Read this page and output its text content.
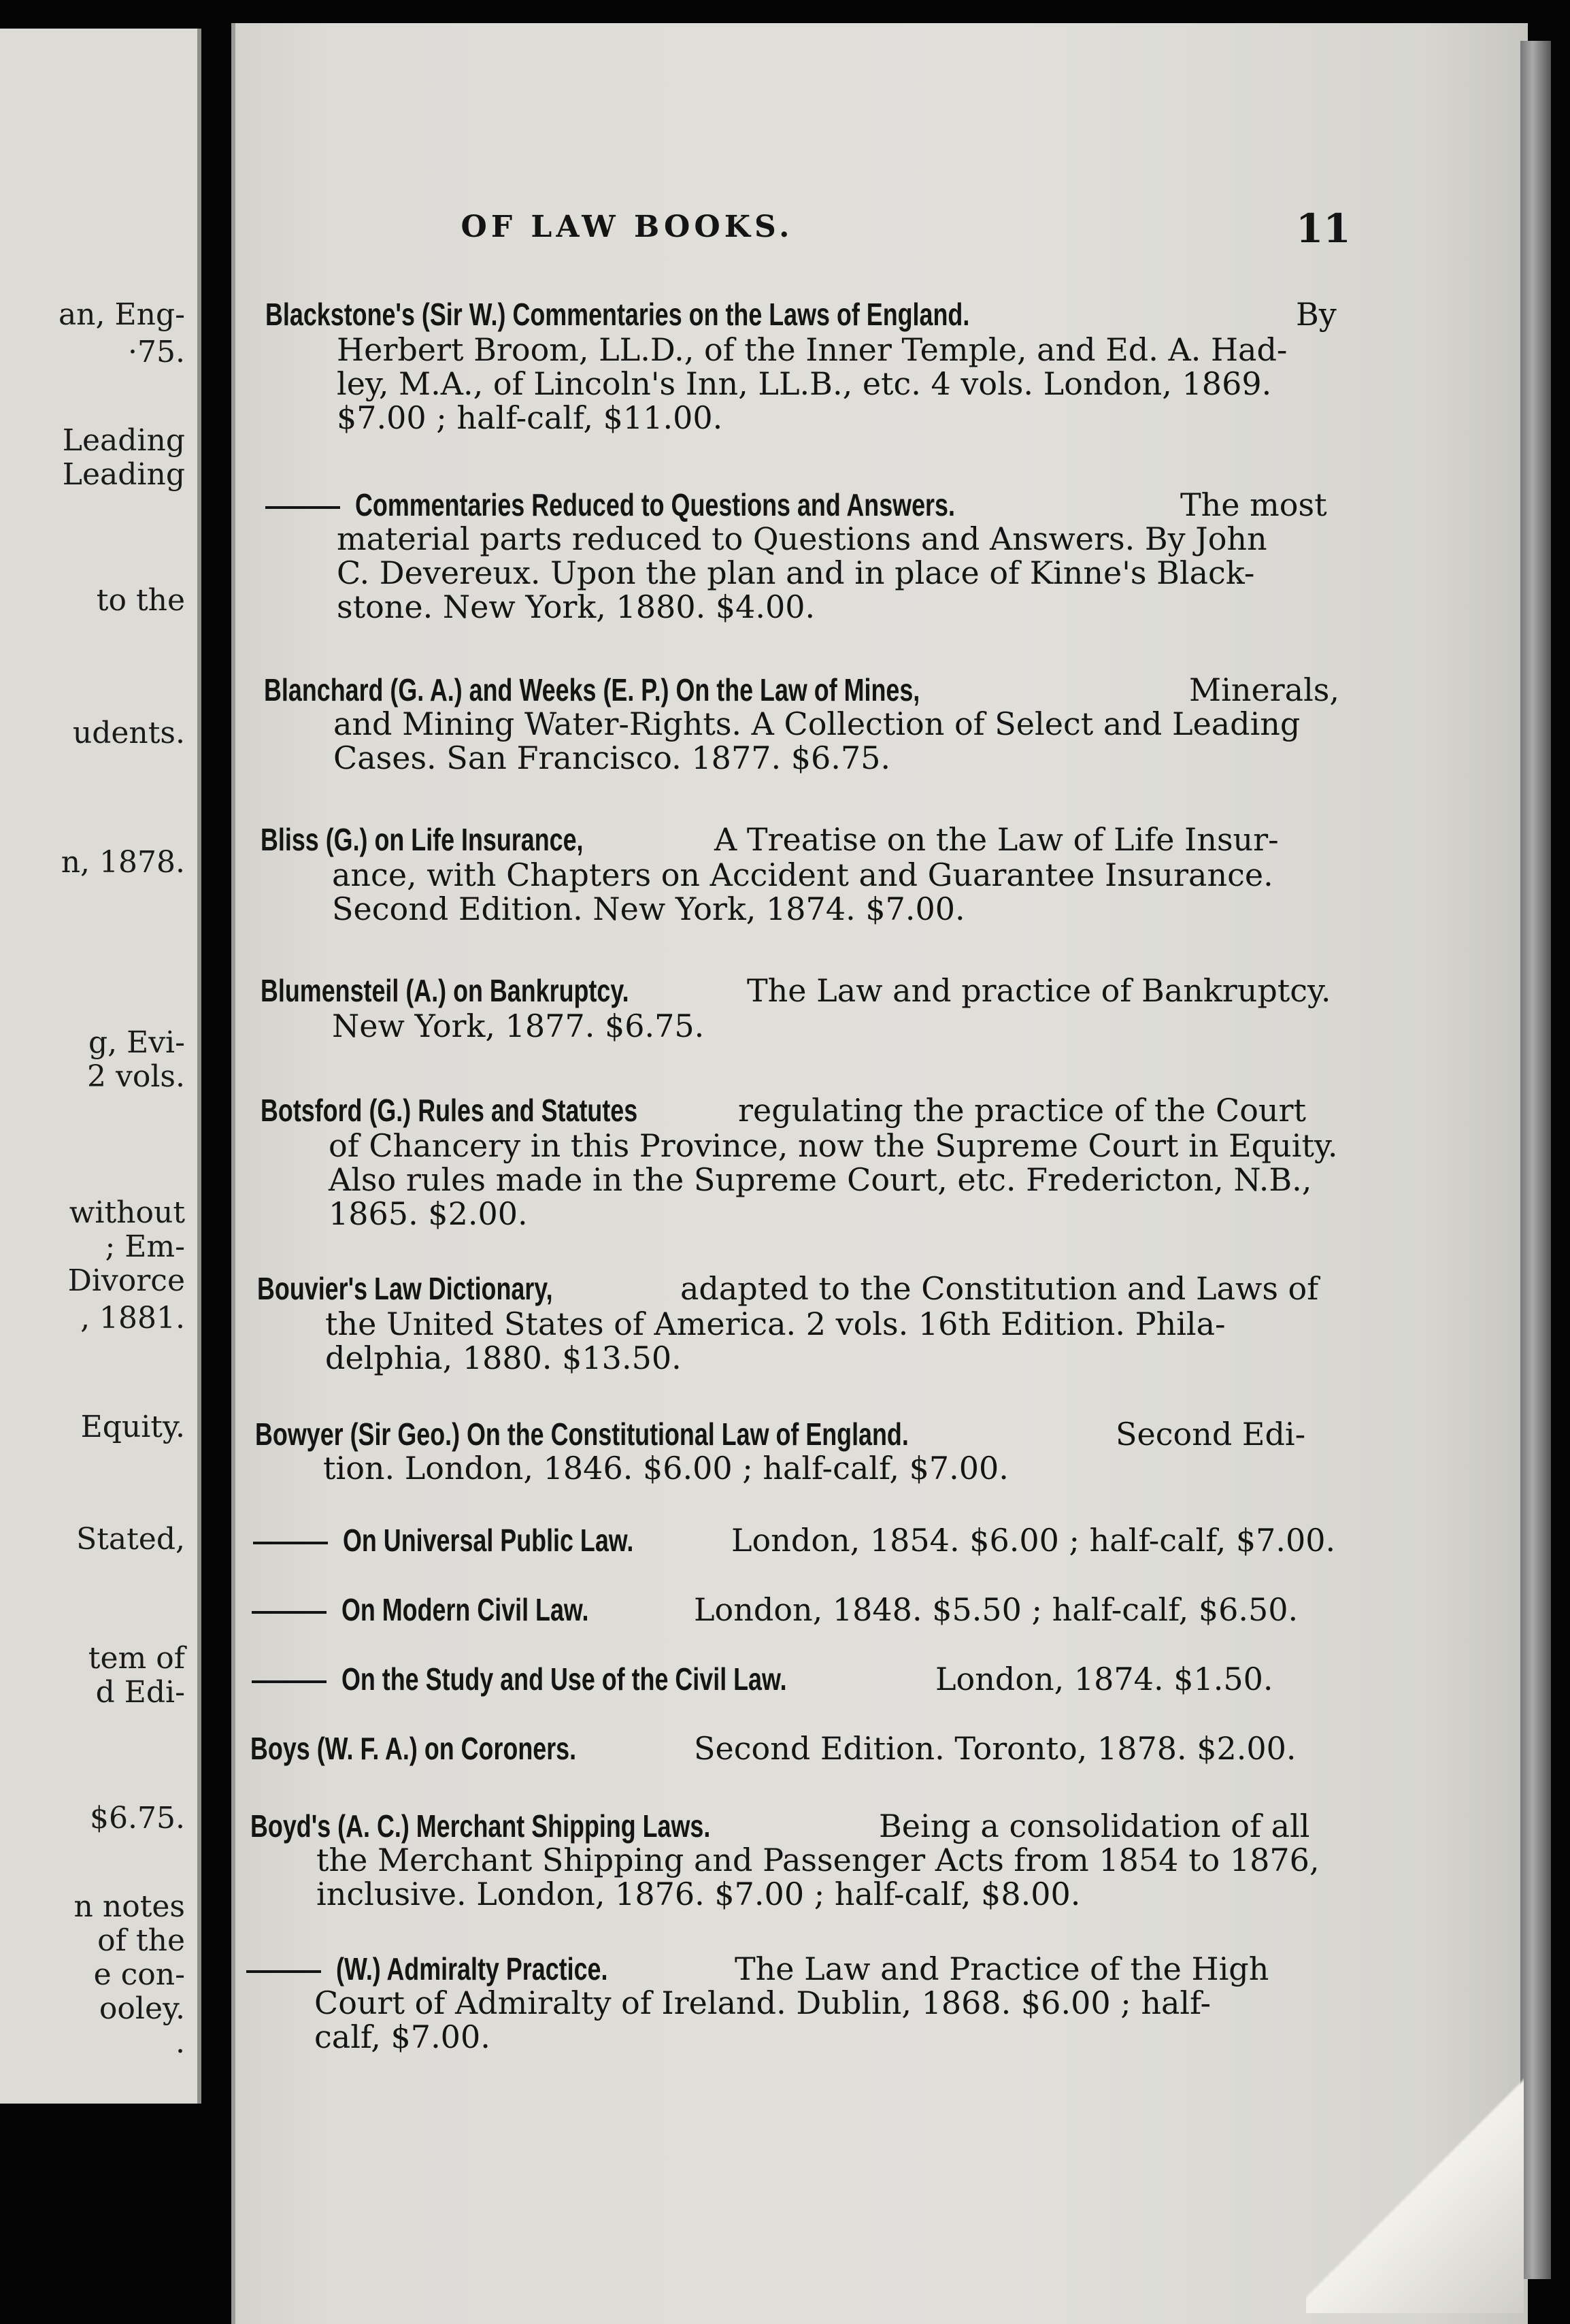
an, Eng-
·75.
Leading
Leading
to the
udents.
n, 1878.
g, Evi-
2 vols.
without
; Em-
Divorce
, 1881.
Equity.
Stated,
tem of
d Edi-
$6.75.
n notes
of the
e con-
ooley.
.
OF LAW BOOKS.	11
Blackstone's (Sir W.) Commentaries on the Laws of England.	By
Herbert Broom, LL.D., of the Inner Temple, and Ed. A. Had-
ley, M.A., of Lincoln's Inn, LL.B., etc. 4 vols. London, 1869.
$7.00 ; half-calf, $11.00.
Commentaries Reduced to Questions and Answers.	The most
material parts reduced to Questions and Answers. By John
C. Devereux. Upon the plan and in place of Kinne's Black-
stone. New York, 1880. $4.00.
Blanchard (G. A.) and Weeks (E. P.) On the Law of Mines,	Minerals,
and Mining Water-Rights. A Collection of Select and Leading
Cases. San Francisco. 1877. $6.75.
Bliss (G.) on Life Insurance,	A Treatise on the Law of Life Insur-
ance, with Chapters on Accident and Guarantee Insurance.
Second Edition. New York, 1874. $7.00.
Blumensteil (A.) on Bankruptcy.	The Law and practice of Bankruptcy.
New York, 1877. $6.75.
Botsford (G.) Rules and Statutes	regulating the practice of the Court
of Chancery in this Province, now the Supreme Court in Equity.
Also rules made in the Supreme Court, etc. Fredericton, N.B.,
1865. $2.00.
Bouvier's Law Dictionary,	adapted to the Constitution and Laws of
the United States of America. 2 vols. 16th Edition. Phila-
delphia, 1880. $13.50.
Bowyer (Sir Geo.) On the Constitutional Law of England.	Second Edi-
tion. London, 1846. $6.00 ; half-calf, $7.00.
On Universal Public Law.	London, 1854. $6.00 ; half-calf, $7.00.
On Modern Civil Law.	London, 1848. $5.50 ; half-calf, $6.50.
On the Study and Use of the Civil Law.	London, 1874. $1.50.
Boys (W. F. A.) on Coroners.	Second Edition. Toronto, 1878. $2.00.
Boyd's (A. C.) Merchant Shipping Laws.	Being a consolidation of all
the Merchant Shipping and Passenger Acts from 1854 to 1876,
inclusive. London, 1876. $7.00 ; half-calf, $8.00.
(W.) Admiralty Practice.	The Law and Practice of the High
Court of Admiralty of Ireland. Dublin, 1868. $6.00 ; half-
calf, $7.00.
